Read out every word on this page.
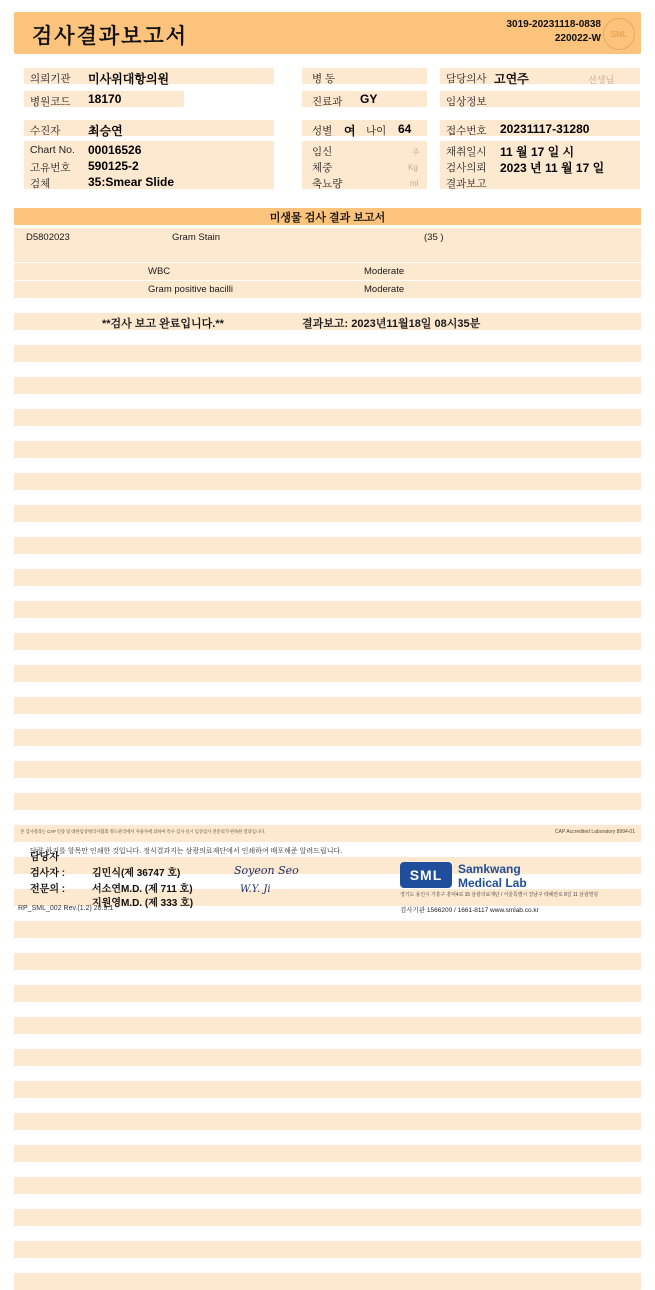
검사결과보고서
3019-20231118-0838
220022-W	SML
의뢰기관 미사위대항의원
병원코드 18170
수진자 최승연
Chart No. 00016526
고유번호 590125-2
검체	35:Smear Slide
병 동
진료과 GY
성별 여 나이 64
임신	주
체중	Kg
축뇨량	ml
담당의사 고연주	선생님
임상정보
접수번호 20231117-31280
채취일시 11 월 17 일 시
검사의뢰 2023 년 11 월 17 일
결과보고
미생물 검사 결과 보고서
D5802023	Gram Stain	(35 )
WBC	Moderate
Gram positive bacilli	Moderate
**검사 보고 완료입니다.**	결과보고: 2023년11월18일 08시35분
본 검사결과는 CAP 인증 및 대한임상병리사협회 정도관리에서 사용자에 의하여 특수 검사 실시 임상검사 전문의가 판독한 결과입니다.	CAP Accredited Laboratory 8994-01
당량 하기를 항목만 인쇄한 것입니다. 정식결과지는 삼광의료재단에서 인쇄하여 배포해준 알려드립니다.
담당자
검사자 :	김민식(제 36747 호)
전문의 :	서소연M.D. (제 711 호)
지원영M.D. (제 333 호)
Soyeon Seo
W.Y. Ji
SML	Samkwang
Medical Lab
경기도 용인시 기흥구 흥덕4로 15 삼광의료재단 / 서울특별시 강남구 테헤란로 8길 11 삼광빌딩
검사기관 1566200 / 1661-8117 www.smlab.co.kr
RP_SML_002 Rev.(1.2) 20.9.1
